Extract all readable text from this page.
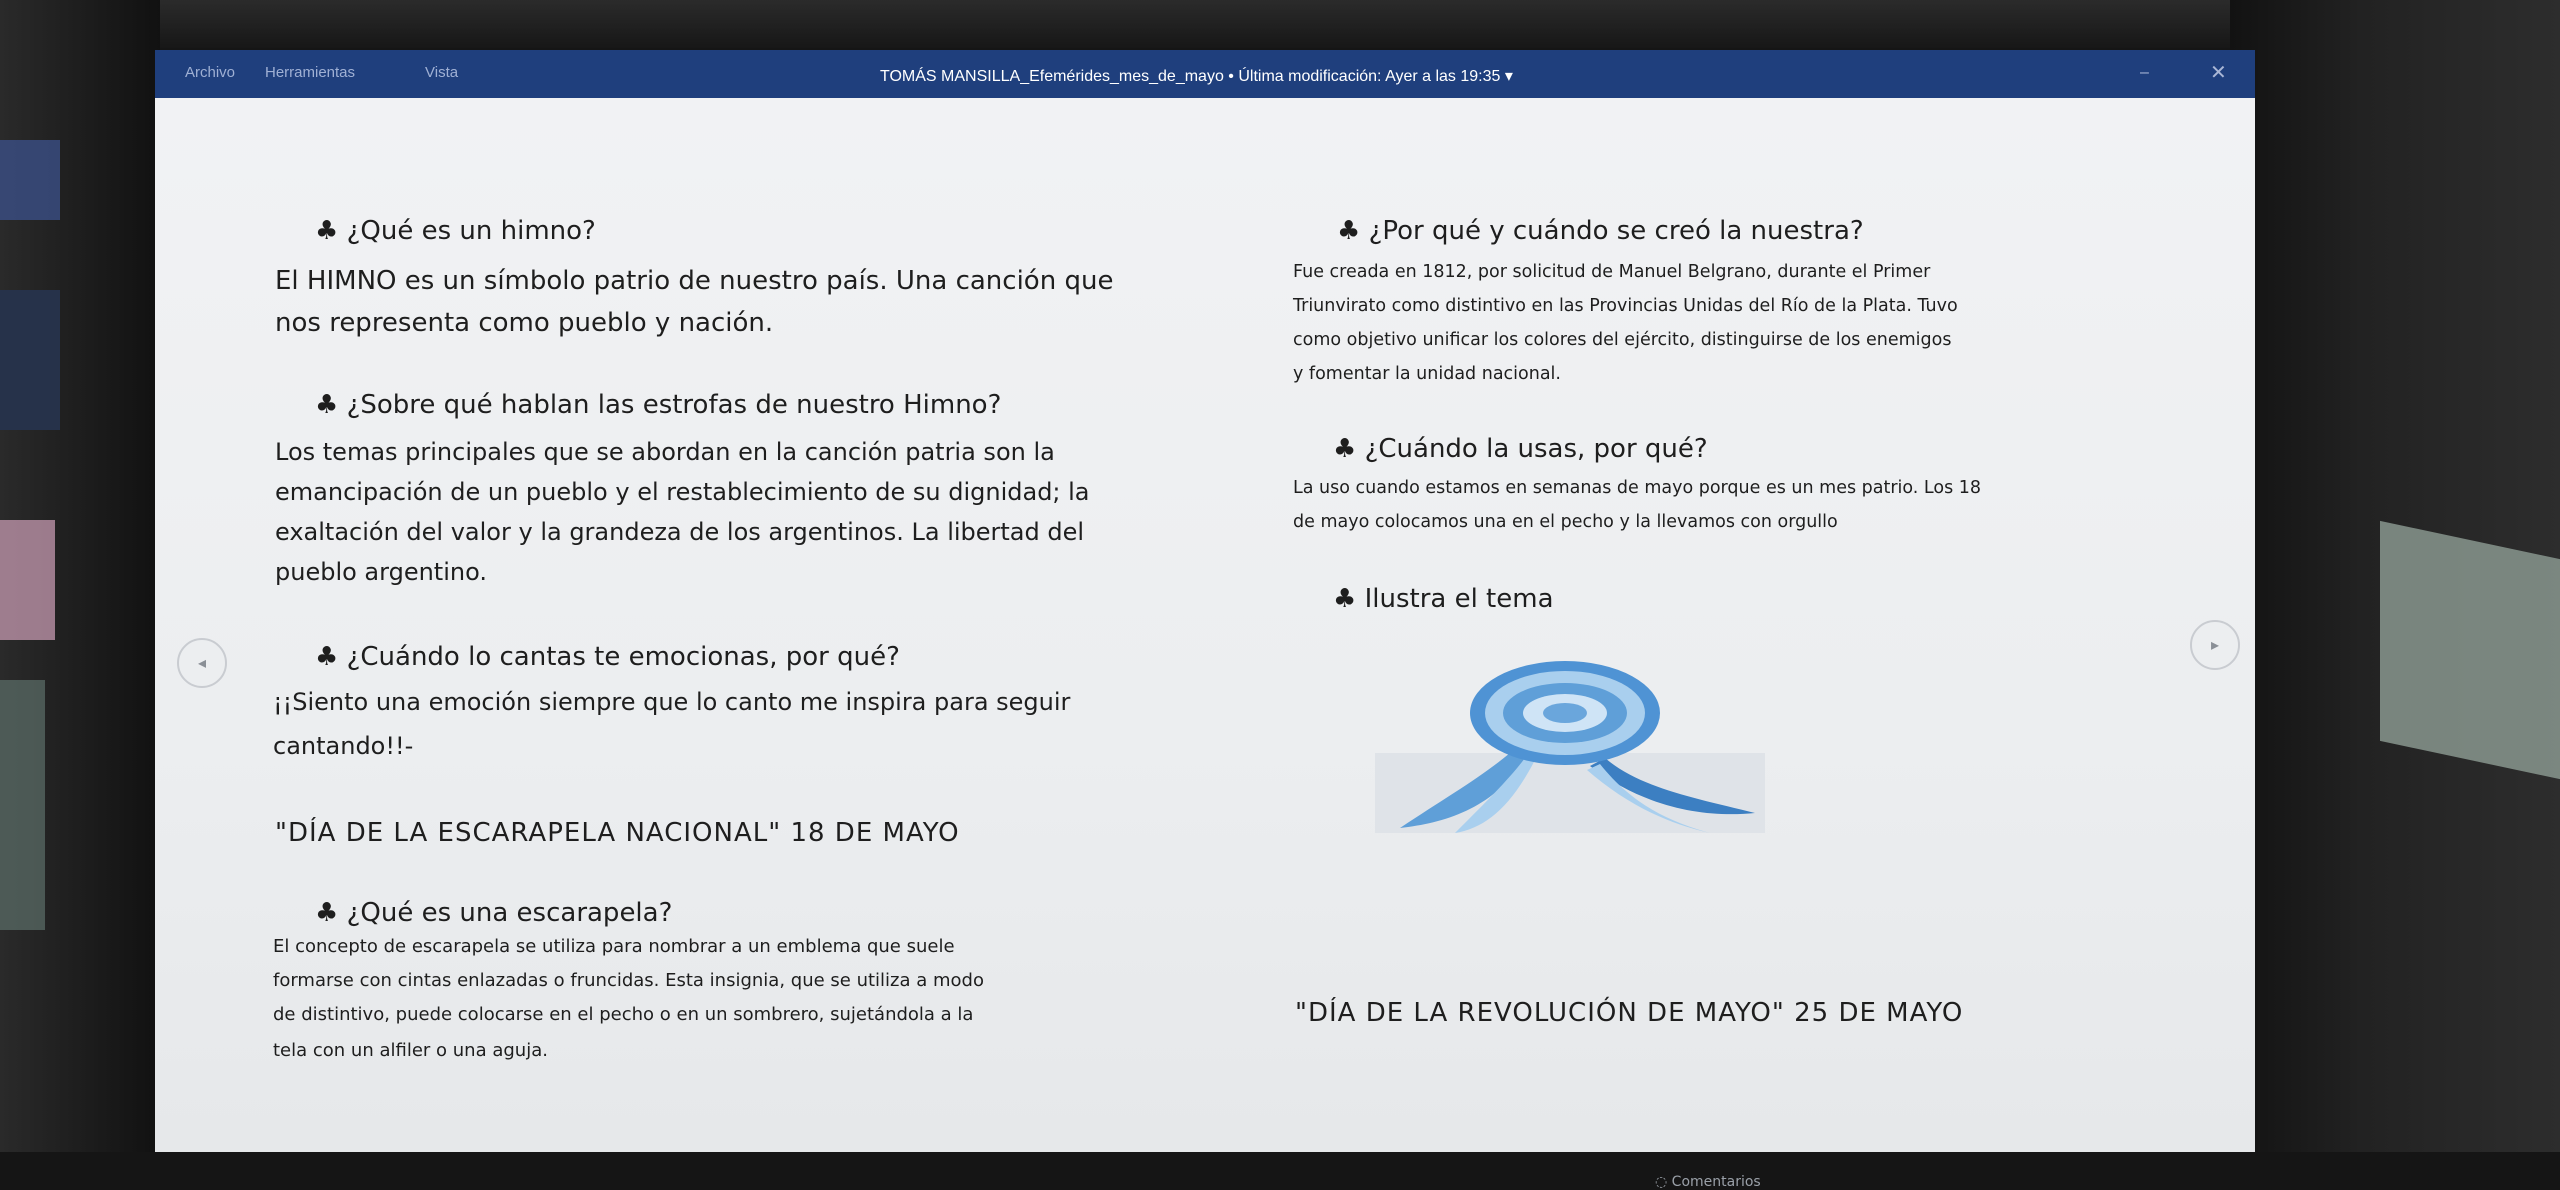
Archivo Herramientas	Vista	TOMÁS MANSILLA_Efemérides_mes_de_mayo • Última modificación: Ayer a las 19:35 ▾	–	✕
♣ ¿Qué es un himno?
El HIMNO es un símbolo patrio de nuestro país. Una canción que
nos representa como pueblo y nación.
♣ ¿Sobre qué hablan las estrofas de nuestro Himno?
Los temas principales que se abordan en la canción patria son la
emancipación de un pueblo y el restablecimiento de su dignidad; la
exaltación del valor y la grandeza de los argentinos. La libertad del
pueblo argentino.
♣ ¿Cuándo lo cantas te emocionas, por qué?
¡¡Siento una emoción siempre que lo canto me inspira para seguir
cantando!!-
"DÍA DE LA ESCARAPELA NACIONAL" 18 DE MAYO
♣ ¿Qué es una escarapela?
El concepto de escarapela se utiliza para nombrar a un emblema que suele
formarse con cintas enlazadas o fruncidas. Esta insignia, que se utiliza a modo
de distintivo, puede colocarse en el pecho o en un sombrero, sujetándola a la
tela con un alfiler o una aguja.
♣ ¿Por qué y cuándo se creó la nuestra?
Fue creada en 1812, por solicitud de Manuel Belgrano, durante el Primer
Triunvirato como distintivo en las Provincias Unidas del Río de la Plata. Tuvo
como objetivo unificar los colores del ejército, distinguirse de los enemigos
y fomentar la unidad nacional.
♣ ¿Cuándo la usas, por qué?
La uso cuando estamos en semanas de mayo porque es un mes patrio. Los 18
de mayo colocamos una en el pecho y la llevamos con orgullo
♣ Ilustra el tema
"DÍA DE LA REVOLUCIÓN DE MAYO" 25 DE MAYO
◂
▸
◌ Comentarios
